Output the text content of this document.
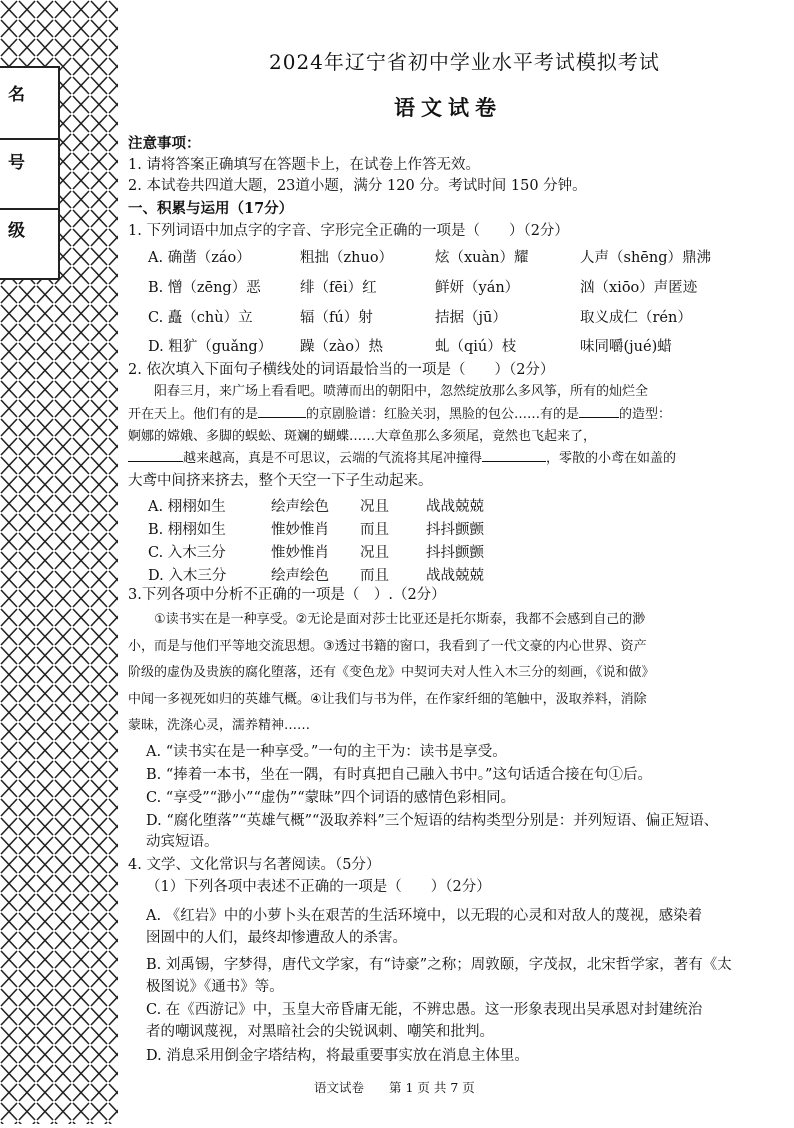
名
号
级
2024年辽宁省初中学业水平考试模拟考试
语文试卷
注意事项：
1. 请将答案正确填写在答题卡上，在试卷上作答无效。
2. 本试卷共四道大题，23道小题，满分 120 分。考试时间 150 分钟。
一、积累与运用（17分）
1. 下列词语中加点字的字音、字形完全正确的一项是（　　）（2分）
A. 确凿（záo）	粗拙（zhuo）	炫（xuàn）耀	人声（shēng）鼎沸
B. 憎（zēng）恶	绯（fēi）红	鲜妍（yán）	汹（xiōo）声匿迹
C. 矗（chù）立	辐（fú）射	拮据（jū）	取义成仁（rén）
D. 粗犷（guǎng） 躁（zào）热	虬（qiú）枝	味同嚼(jué)蜡
2. 依次填入下面句子横线处的词语最恰当的一项是（　　）（2分）
阳春三月，来广场上看看吧。喷薄而出的朝阳中，忽然绽放那么多风筝，所有的灿烂全
开在天上。他们有的是	的京剧脸谱：红脸关羽，黑脸的包公……有的是	的造型：
婀娜的嫦娥、多脚的蜈蚣、斑斓的蝴蝶……大章鱼那么多须尾，竟然也飞起来了，
越来越高，真是不可思议，云端的气流将其尾冲撞得	，零散的小鸢在如盖的
大鸢中间挤来挤去，整个天空一下子生动起来。
A. 栩栩如生	绘声绘色 况且	战战兢兢
B. 栩栩如生	惟妙惟肖 而且	抖抖颤颤
C. 入木三分	惟妙惟肖 况且	抖抖颤颤
D. 入木三分	绘声绘色 而且	战战兢兢
3.下列各项中分析不正确的一项是（　）.（2分）
①读书实在是一种享受。②无论是面对莎士比亚还是托尔斯泰，我都不会感到自己的渺
小，而是与他们平等地交流思想。③透过书籍的窗口，我看到了一代文豪的内心世界、资产
阶级的虚伪及贵族的腐化堕落，还有《变色龙》中契诃夫对人性入木三分的刻画，《说和做》
中闻一多视死如归的英雄气概。④让我们与书为伴，在作家纤细的笔触中，汲取养料，消除
蒙昧，洗涤心灵，濡养精神……
A. “读书实在是一种享受。”一句的主干为：读书是享受。
B. “捧着一本书，坐在一隅，有时真把自己融入书中。”这句话适合接在句①后。
C. “享受”“渺小”“虚伪”“蒙昧”四个词语的感情色彩相同。
D. “腐化堕落”“英雄气概”“汲取养料”三个短语的结构类型分别是：并列短语、偏正短语、
动宾短语。
4. 文学、文化常识与名著阅读。（5分）
（1）下列各项中表述不正确的一项是（　　）（2分）
A. 《红岩》中的小萝卜头在艰苦的生活环境中，以无瑕的心灵和对敌人的蔑视，感染着
囹圄中的人们，最终却惨遭敌人的杀害。
B. 刘禹锡，字梦得，唐代文学家，有“诗豪”之称；周敦颐，字茂叔，北宋哲学家，著有《太
极图说》《通书》等。
C. 在《西游记》中，玉皇大帝昏庸无能，不辨忠愚。这一形象表现出吴承恩对封建统治
者的嘲讽蔑视，对黑暗社会的尖锐讽刺、嘲笑和批判。
D. 消息采用倒金字塔结构，将最重要事实放在消息主体里。
语文试卷　　第 1 页 共 7 页
